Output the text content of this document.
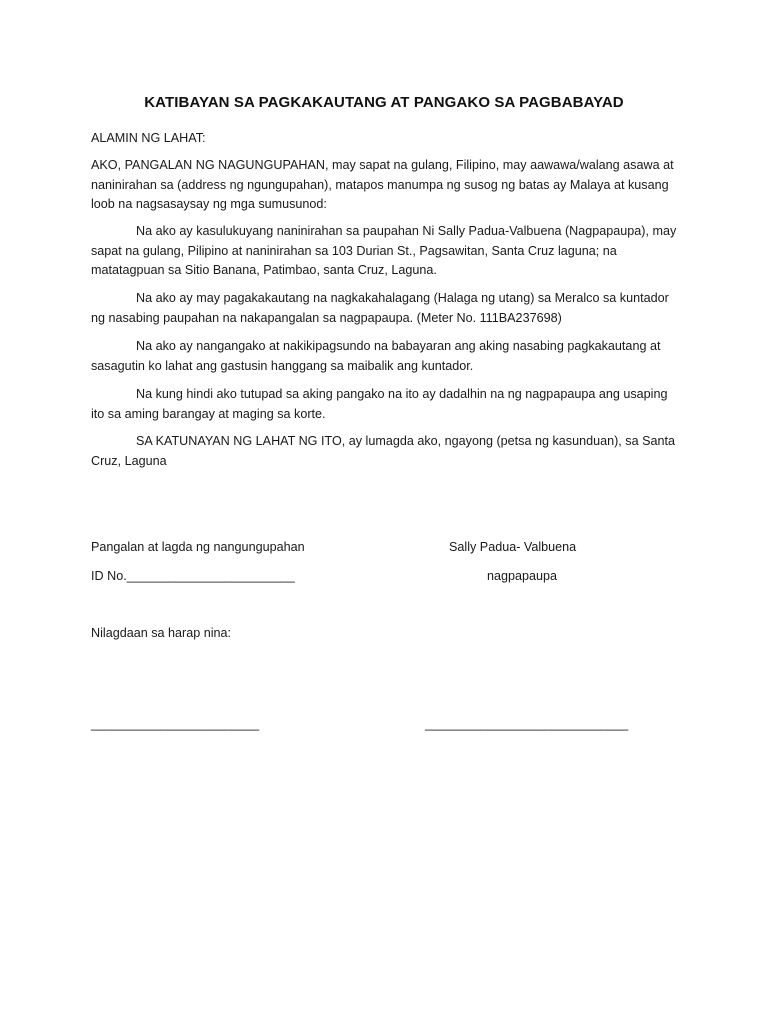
KATIBAYAN SA PAGKAKAUTANG AT PANGAKO SA PAGBABAYAD
ALAMIN NG LAHAT:
AKO, PANGALAN NG NAGUNGUPAHAN, may sapat na gulang, Filipino, may aawawa/walang asawa at naninirahan sa (address ng ngungupahan), matapos manumpa ng susog ng batas ay Malaya at kusang loob na nagsasaysay ng mga sumusunod:
Na ako ay kasulukuyang naninirahan sa paupahan Ni Sally Padua-Valbuena (Nagpapaupa), may sapat na gulang, Pilipino at naninirahan sa 103 Durian St., Pagsawitan, Santa Cruz laguna; na matatagpuan sa Sitio Banana, Patimbao, santa Cruz, Laguna.
Na ako ay may pagakakautang na nagkakahalagang (Halaga ng utang) sa Meralco sa kuntador ng nasabing paupahan na nakapangalan sa nagpapaupa. (Meter No. 111BA237698)
Na ako ay nangangako at nakikipagsundo na babayaran ang aking nasabing pagkakautang at sasagutin ko lahat ang gastusin hanggang sa maibalik ang kuntador.
Na kung hindi ako tutupad sa aking pangako na ito ay dadalhin na ng nagpapaupa ang usaping ito sa aming barangay at maging sa korte.
SA KATUNAYAN NG LAHAT NG ITO, ay lumagda ako, ngayong (petsa ng kasunduan), sa Santa Cruz, Laguna
Pangalan at lagda ng nangungupahan	Sally Padua- Valbuena
ID No.________________________	nagpapaupa
Nilagdaan sa harap nina:
________________________	_____________________________
